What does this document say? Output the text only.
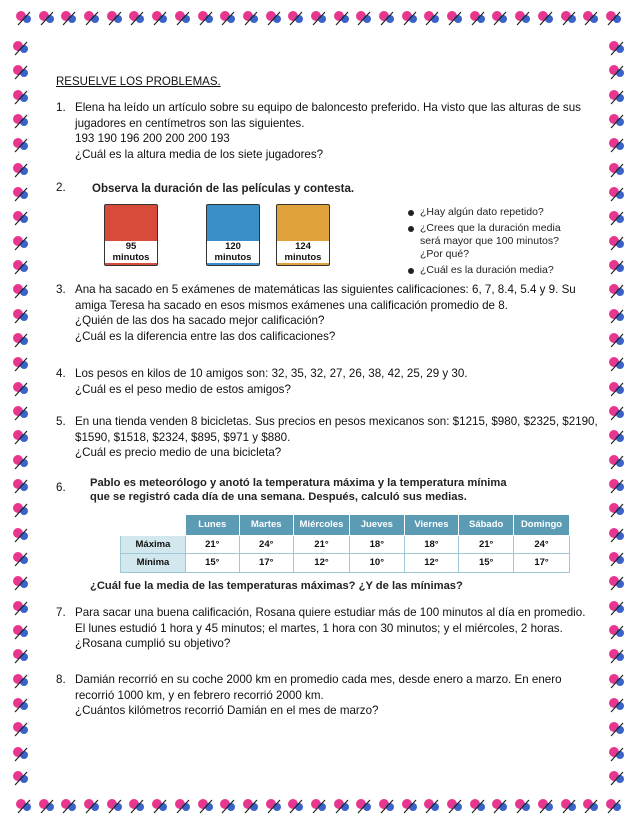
RESUELVE LOS PROBLEMAS.
1. Elena ha leído un artículo sobre su equipo de baloncesto preferido. Ha visto que las alturas de sus

jugadores en centímetros son las siguientes.

193 190 196 200 200 200 193

¿Cuál es la altura media de los siete jugadores?

2.
3. Ana ha sacado en 5 exámenes de matemáticas las siguientes calificaciones: 6, 7, 8.4, 5.4 y 9. Su

amiga Teresa ha sacado en esos mismos exámenes una calificación promedio de 8.

¿Quién de las dos ha sacado mejor calificación?

¿Cuál es la diferencia entre las dos calificaciones?

4. Los pesos en kilos de 10 amigos son: 32, 35, 32, 27, 26, 38, 42, 25, 29 y 30.

¿Cuál es el peso medio de estos amigos?

5. En una tienda venden 8 bicicletas. Sus precios en pesos mexicanos son: $1215, $980, $2325, $2190,

$1590, $1518, $2324, $895, $971 y $880.

¿Cuál es precio medio de una bicicleta?

6.
7. Para sacar una buena calificación, Rosana quiere estudiar más de 100 minutos al día en promedio.

El lunes estudió 1 hora y 45 minutos; el martes, 1 hora con 30 minutos; y el miércoles, 2 horas.

¿Rosana cumplió su objetivo?

8. Damián recorrió en su coche 2000 km en promedio cada mes, desde enero a marzo. En enero

recorrió 1000 km, y en febrero recorrió 2000 km.

¿Cuántos kilómetros recorrió Damián en el mes de marzo?

Observa la duración de las películas y contesta.
95
minutos
120
minutos
124
minutos
¿Hay algún dato repetido?
¿Crees que la duración media será mayor que 100 minutos? ¿Por qué?
¿Cuál es la duración media?

Pablo es meteorólogo y anotó la temperatura máxima y la temperatura mínima

que se registró cada día de una semana. Después, calculó sus medias.

	Lunes	Martes	Miércoles	Jueves	Viernes	Sábado	Domingo
Máxima	21°	24°	21°	18°	18°	21°	24°
Mínima	15°	17°	12°	10°	12°	15°	17°
¿Cuál fue la media de las temperaturas máximas? ¿Y de las mínimas?
